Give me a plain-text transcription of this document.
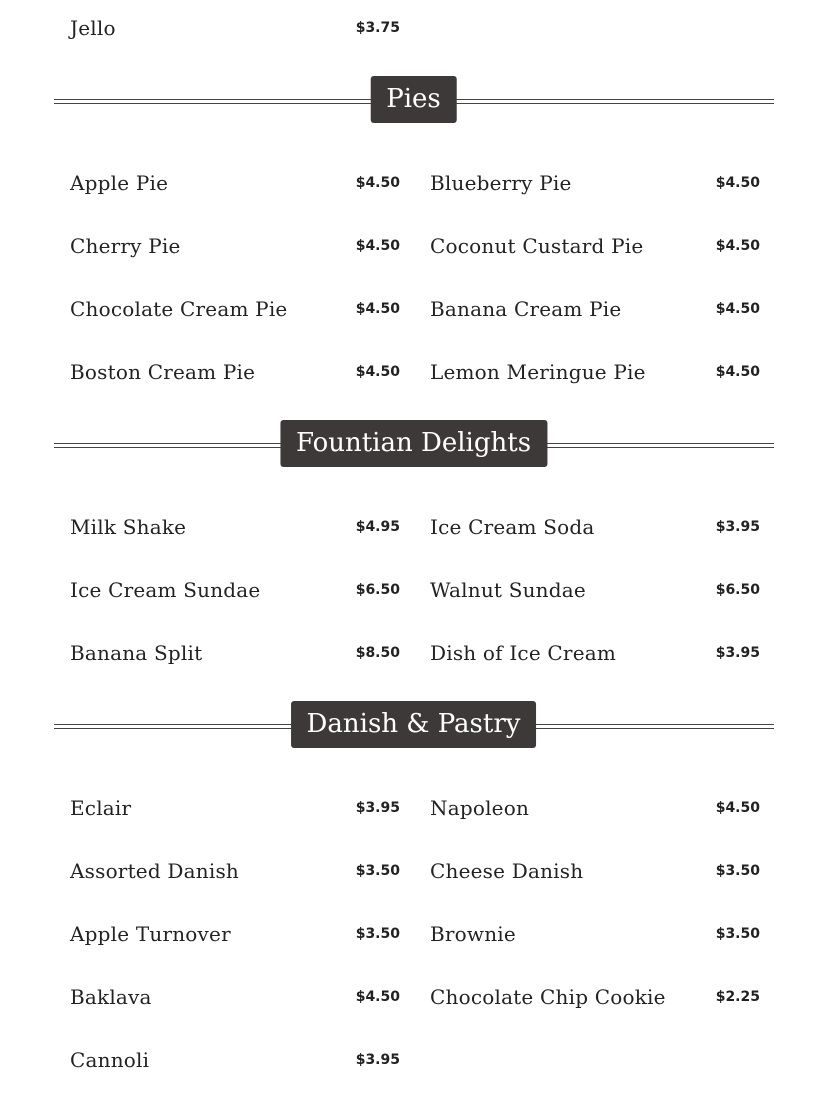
Jello	$3.75
Pies
Apple Pie	$4.50
Cherry Pie	$4.50
Chocolate Cream Pie	$4.50
Boston Cream Pie	$4.50
Blueberry Pie	$4.50
Coconut Custard Pie	$4.50
Banana Cream Pie	$4.50
Lemon Meringue Pie	$4.50
Fountian Delights
Milk Shake	$4.95
Ice Cream Sundae	$6.50
Banana Split	$8.50
Ice Cream Soda	$3.95
Walnut Sundae	$6.50
Dish of Ice Cream	$3.95
Danish & Pastry
Eclair	$3.95
Assorted Danish	$3.50
Apple Turnover	$3.50
Baklava	$4.50
Cannoli	$3.95
Napoleon	$4.50
Cheese Danish	$3.50
Brownie	$3.50
Chocolate Chip Cookie	$2.25
